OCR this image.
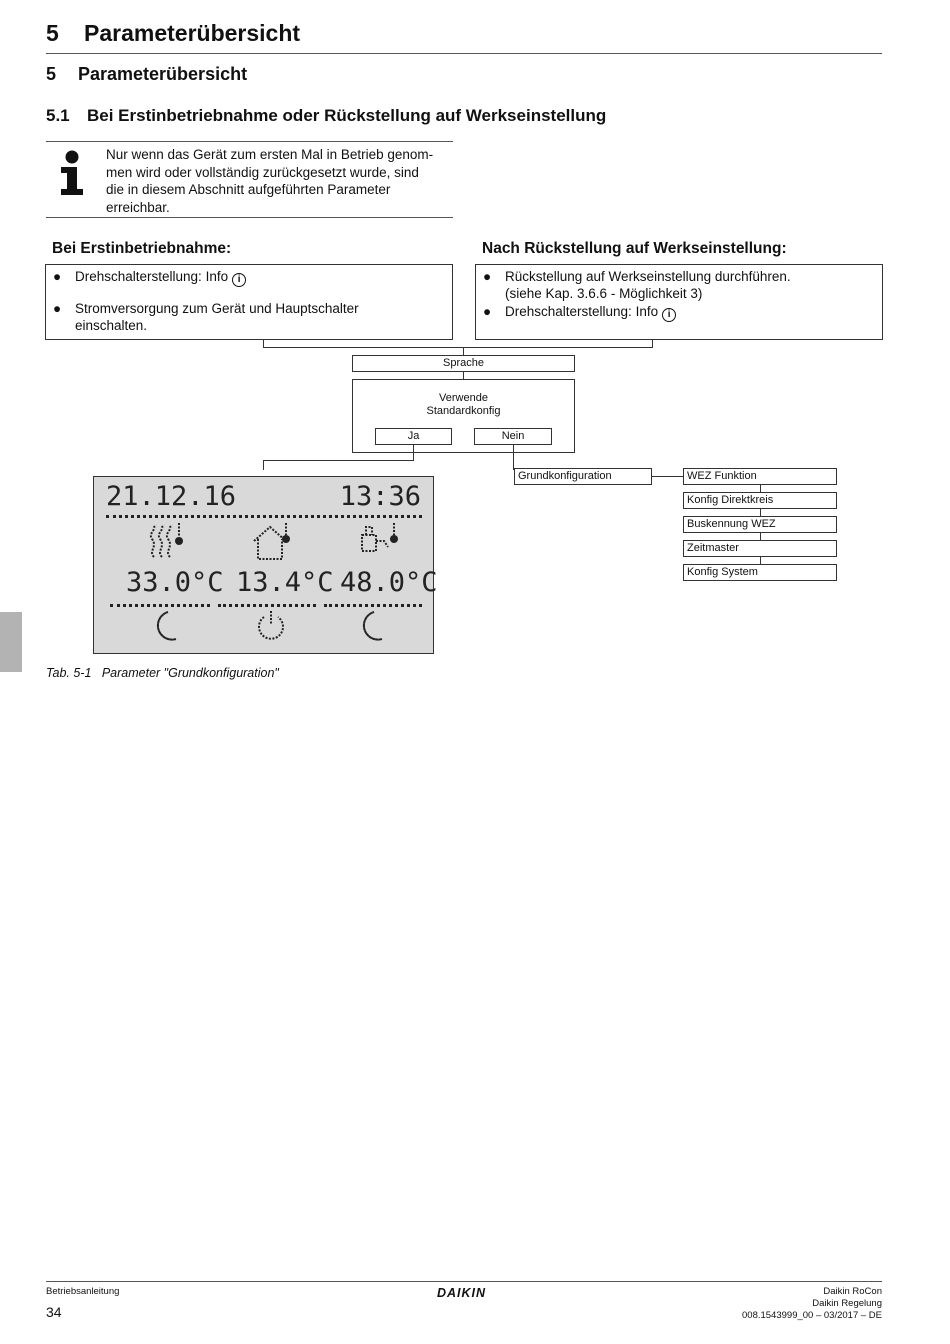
5 Parameterübersicht
5 Parameterübersicht
5.1 Bei Erstinbetriebnahme oder Rückstellung auf Werkseinstellung
Nur wenn das Gerät zum ersten Mal in Betrieb genom-
men wird oder vollständig zurückgesetzt wurde, sind
die in diesem Abschnitt aufgeführten Parameter
erreichbar.
Bei Erstinbetriebnahme:	Nach Rückstellung auf Werkseinstellung:
● Drehschalterstellung: Info i
● Stromversorgung zum Gerät und Hauptschalter
einschalten.
● Rückstellung auf Werkseinstellung durchführen.
(siehe Kap. 3.6.6 - Möglichkeit 3)
● Drehschalterstellung: Info i
Sprache
Verwende
Standardkonfig
Ja	Nein
Grundkonfiguration	WEZ Funktion
Konfig Direktkreis
Buskennung WEZ
Zeitmaster
Konfig System
21.12.16	13:36
33.0°C 13.4°C 48.0°C
Tab. 5-1 Parameter "Grundkonfiguration"
Betriebsanleitung
34
DAIKIN	Daikin RoCon
Daikin Regelung
008.1543999_00 – 03/2017 – DE
